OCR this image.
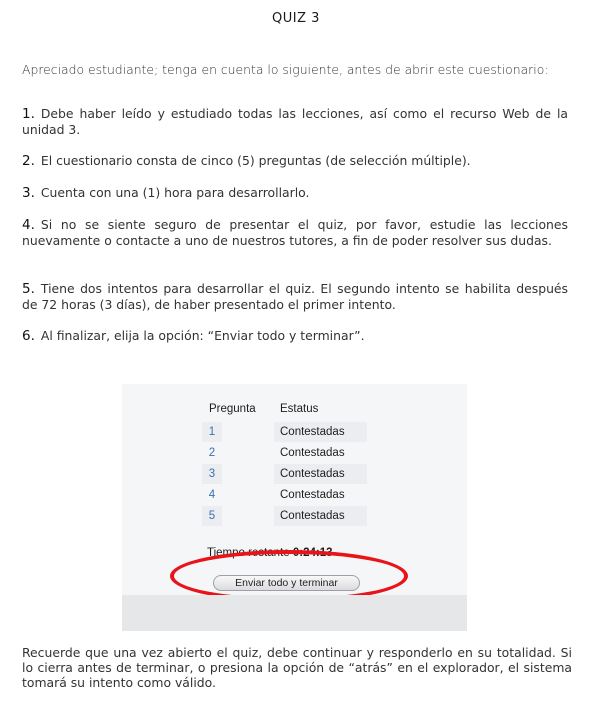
QUIZ 3
Apreciado estudiante; tenga en cuenta lo siguiente, antes de abrir este cuestionario:
1. Debe haber leído y estudiado todas las lecciones, así como el recurso Web de la unidad 3.
2. El cuestionario consta de cinco (5) preguntas (de selección múltiple).
3. Cuenta con una (1) hora para desarrollarlo.
4. Si no se siente seguro de presentar el quiz, por favor, estudie las lecciones nuevamente o contacte a uno de nuestros tutores, a fin de poder resolver sus dudas.
5. Tiene dos intentos para desarrollar el quiz. El segundo intento se habilita después de 72 horas (3 días), de haber presentado el primer intento.
6. Al finalizar, elija la opción: “Enviar todo y terminar”.
Pregunta Estatus
1	Contestadas
2	Contestadas
3	Contestadas
4	Contestadas
5	Contestadas
Tiempo restante 0:24:13
Enviar todo y terminar
Recuerde que una vez abierto el quiz, debe continuar y responderlo en su totalidad. Si lo cierra antes de terminar, o presiona la opción de “atrás” en el explorador, el sistema tomará su intento como válido.
